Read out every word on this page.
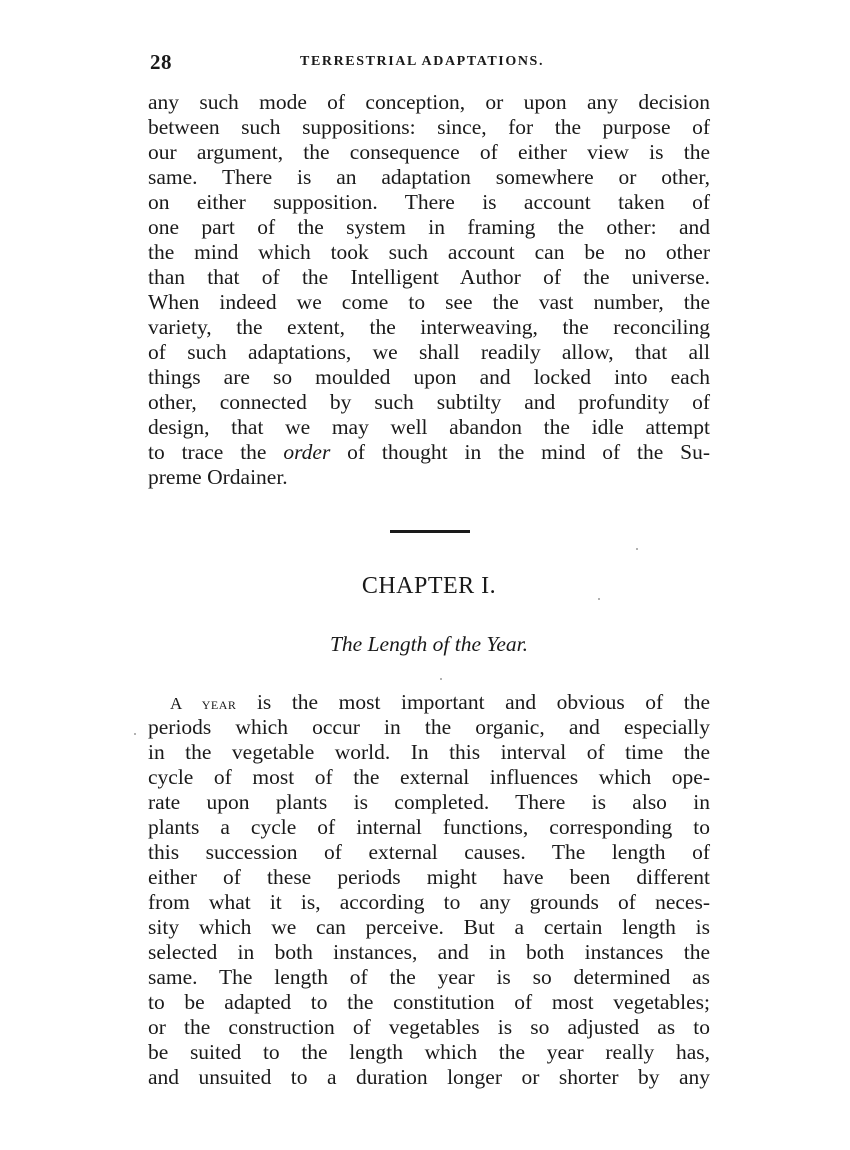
28	TERRESTRIAL ADAPTATIONS.
any such mode of conception, or upon any decision
between such suppositions: since, for the purpose of
our argument, the consequence of either view is the
same. There is an adaptation somewhere or other,
on either supposition. There is account taken of
one part of the system in framing the other: and
the mind which took such account can be no other
than that of the Intelligent Author of the universe.
When indeed we come to see the vast number, the
variety, the extent, the interweaving, the reconciling
of such adaptations, we shall readily allow, that all
things are so moulded upon and locked into each
other, connected by such subtilty and profundity of
design, that we may well abandon the idle attempt
to trace the order of thought in the mind of the Su-
preme Ordainer.
CHAPTER I.
The Length of the Year.
A year is the most important and obvious of the
periods which occur in the organic, and especially
in the vegetable world. In this interval of time the
cycle of most of the external influences which ope-
rate upon plants is completed. There is also in
plants a cycle of internal functions, corresponding to
this succession of external causes. The length of
either of these periods might have been different
from what it is, according to any grounds of neces-
sity which we can perceive. But a certain length is
selected in both instances, and in both instances the
same. The length of the year is so determined as
to be adapted to the constitution of most vegetables;
or the construction of vegetables is so adjusted as to
be suited to the length which the year really has,
and unsuited to a duration longer or shorter by any
